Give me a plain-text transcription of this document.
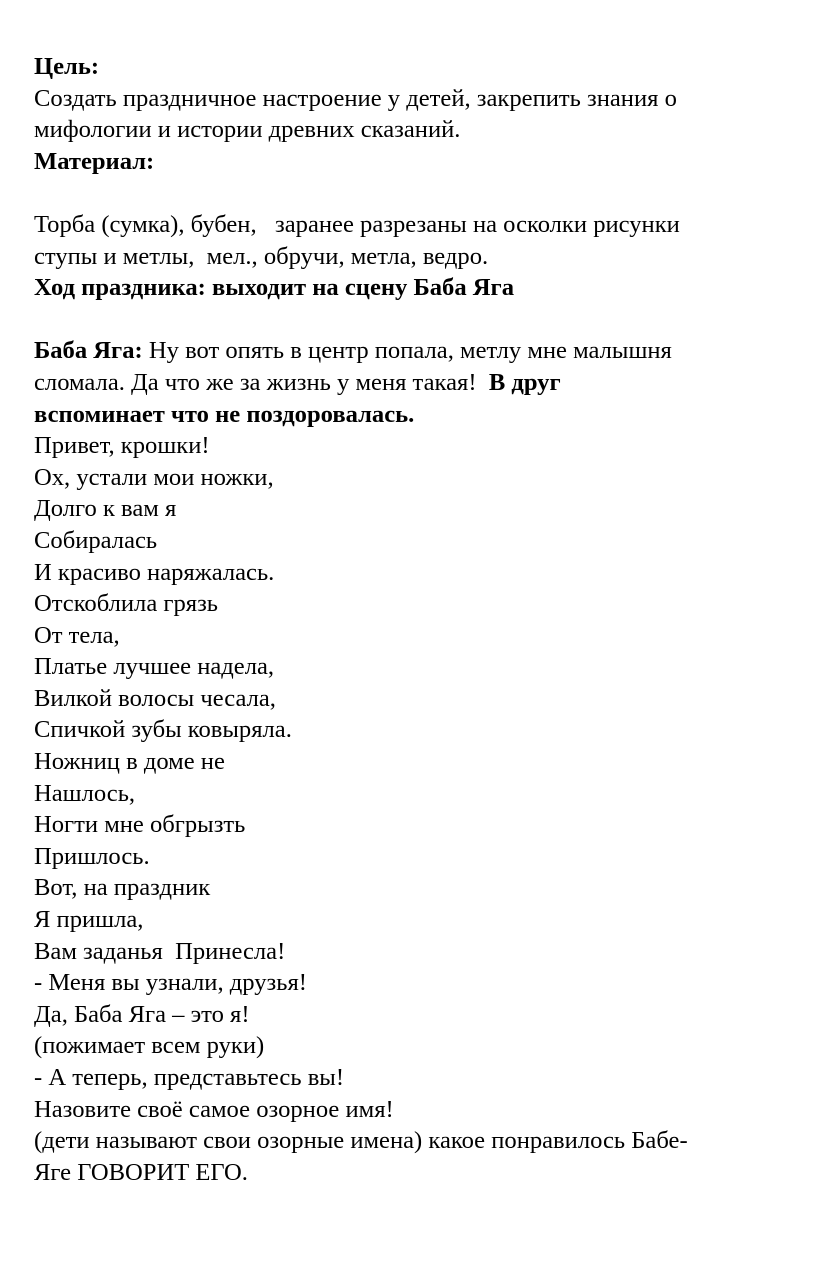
Цель:
Создать праздничное настроение у детей, закрепить знания о
мифологии и истории древних сказаний.
Материал:
Торба (сумка), бубен,   заранее разрезаны на осколки рисунки
ступы и метлы,  мел., обручи, метла, ведро.
Ход праздника: выходит на сцену Баба Яга
Баба Яга: Ну вот опять в центр попала, метлу мне малышня
сломала. Да что же за жизнь у меня такая!  В друг
вспоминает что не поздоровалась.
Привет, крошки!
Ох, устали мои ножки,
Долго к вам я
Собиралась
И красиво наряжалась.
Отскоблила грязь
От тела,
Платье лучшее надела,
Вилкой волосы чесала,
Спичкой зубы ковыряла.
Ножниц в доме не
Нашлось,
Ногти мне обгрызть
Пришлось.
Вот, на праздник
Я пришла,
Вам заданья  Принесла!
- Меня вы узнали, друзья!
Да, Баба Яга – это я!
(пожимает всем руки)
- А теперь, представьтесь вы!
Назовите своё самое озорное имя!
(дети называют свои озорные имена) какое понравилось Бабе-
Яге ГОВОРИТ ЕГО.
